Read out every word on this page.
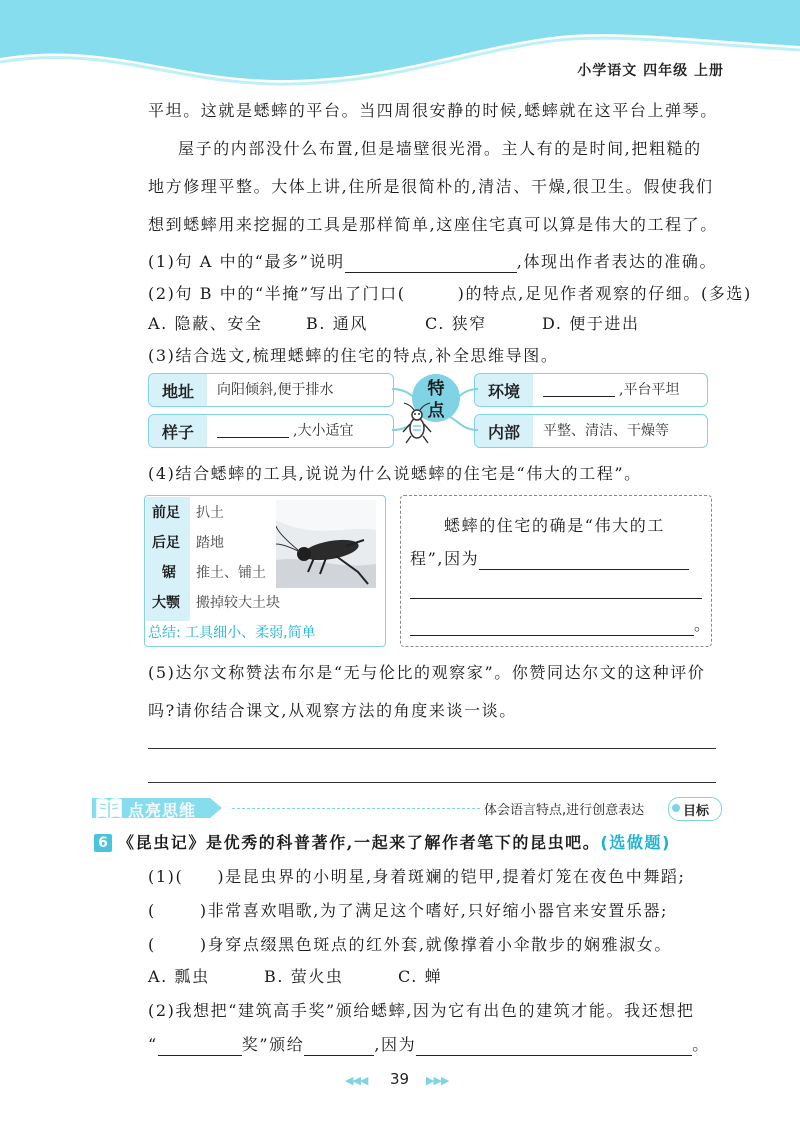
小学语文 四年级 上册
平坦。这就是蟋蟀的平台。当四周很安静的时候,蟋蟀就在这平台上弹琴。
屋子的内部没什么布置,但是墙壁很光滑。主人有的是时间,把粗糙的
地方修理平整。大体上讲,住所是很简朴的,清洁、干燥,很卫生。假使我们
想到蟋蟀用来挖掘的工具是那样简单,这座住宅真可以算是伟大的工程了。
(1)句 A 中的“最多”说明	,体现出作者表达的准确。
(2)句 B 中的“半掩”写出了门口(	)的特点,足见作者观察的仔细。(多选)
A. 隐蔽、安全	B. 通风	C. 狭窄	D. 便于进出
(3)结合选文,梳理蟋蟀的住宅的特点,补全思维导图。
地址	向阳倾斜,便于排水
样子	,大小适宜
环境	,平台平坦
内部	平整、清洁、干燥等
特点
(4)结合蟋蟀的工具,说说为什么说蟋蟀的住宅是“伟大的工程”。
前足 扒土
后足 踏地
锯 推土、铺土
大颚 搬掉较大土块
总结: 工具细小、柔弱,简单
蟋蟀的住宅的确是“伟大的工
程”,因为
。
(5)达尔文称赞法布尔是“无与伦比的观察家”。你赞同达尔文的这种评价
吗?请你结合课文,从观察方法的角度来谈一谈。
点亮思维	体会语言特点,进行创意表达	目标
6 《昆虫记》是优秀的科普著作,一起来了解作者笔下的昆虫吧。(选做题)
(1)( )是昆虫界的小明星,身着斑斓的铠甲,提着灯笼在夜色中舞蹈;
(	)非常喜欢唱歌,为了满足这个嗜好,只好缩小器官来安置乐器;
(	)身穿点缀黑色斑点的红外套,就像撑着小伞散步的娴雅淑女。
A. 瓢虫	B. 萤火虫	C. 蝉
(2)我想把“建筑高手奖”颁给蟋蟀,因为它有出色的建筑才能。我还想把
“	奖”颁给	,因为	。
◀◀◀ 39 ▶▶▶
